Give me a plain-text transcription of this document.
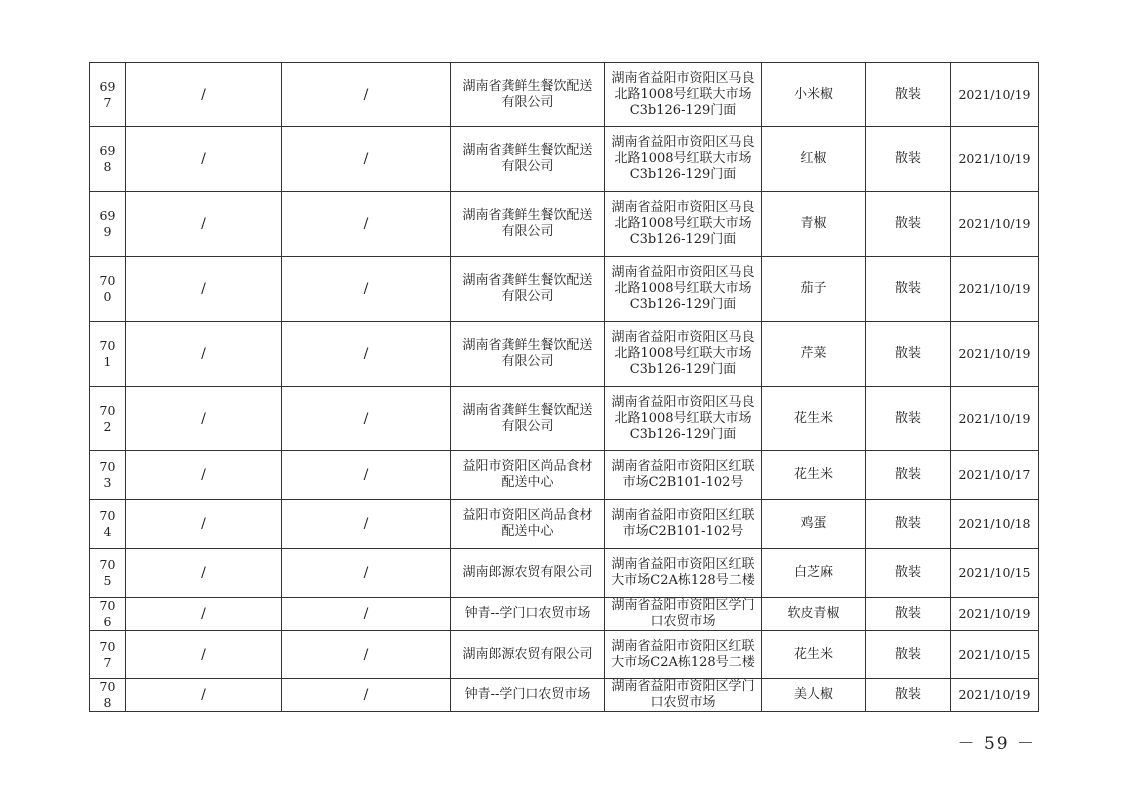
697	/	/	湖南省龚鲜生餐饮配送有限公司	湖南省益阳市资阳区马良北路1008号红联大市场C3b126-129门面	小米椒	散装	2021/10/19
698	/	/	湖南省龚鲜生餐饮配送有限公司	湖南省益阳市资阳区马良北路1008号红联大市场C3b126-129门面	红椒	散装	2021/10/19
699	/	/	湖南省龚鲜生餐饮配送有限公司	湖南省益阳市资阳区马良北路1008号红联大市场C3b126-129门面	青椒	散装	2021/10/19
700	/	/	湖南省龚鲜生餐饮配送有限公司	湖南省益阳市资阳区马良北路1008号红联大市场C3b126-129门面	茄子	散装	2021/10/19
701	/	/	湖南省龚鲜生餐饮配送有限公司	湖南省益阳市资阳区马良北路1008号红联大市场C3b126-129门面	芹菜	散装	2021/10/19
702	/	/	湖南省龚鲜生餐饮配送有限公司	湖南省益阳市资阳区马良北路1008号红联大市场C3b126-129门面	花生米	散装	2021/10/19
703	/	/	益阳市资阳区尚品食材配送中心	湖南省益阳市资阳区红联市场C2B101-102号	花生米	散装	2021/10/17
704	/	/	益阳市资阳区尚品食材配送中心	湖南省益阳市资阳区红联市场C2B101-102号	鸡蛋	散装	2021/10/18
705	/	/	湖南郎源农贸有限公司	湖南省益阳市资阳区红联大市场C2A栋128号二楼	白芝麻	散装	2021/10/15
706	/	/	钟青--学门口农贸市场	湖南省益阳市资阳区学门口农贸市场	软皮青椒	散装	2021/10/19
707	/	/	湖南郎源农贸有限公司	湖南省益阳市资阳区红联大市场C2A栋128号二楼	花生米	散装	2021/10/15
708	/	/	钟青--学门口农贸市场	湖南省益阳市资阳区学门口农贸市场	美人椒	散装	2021/10/19
－ 59 －
